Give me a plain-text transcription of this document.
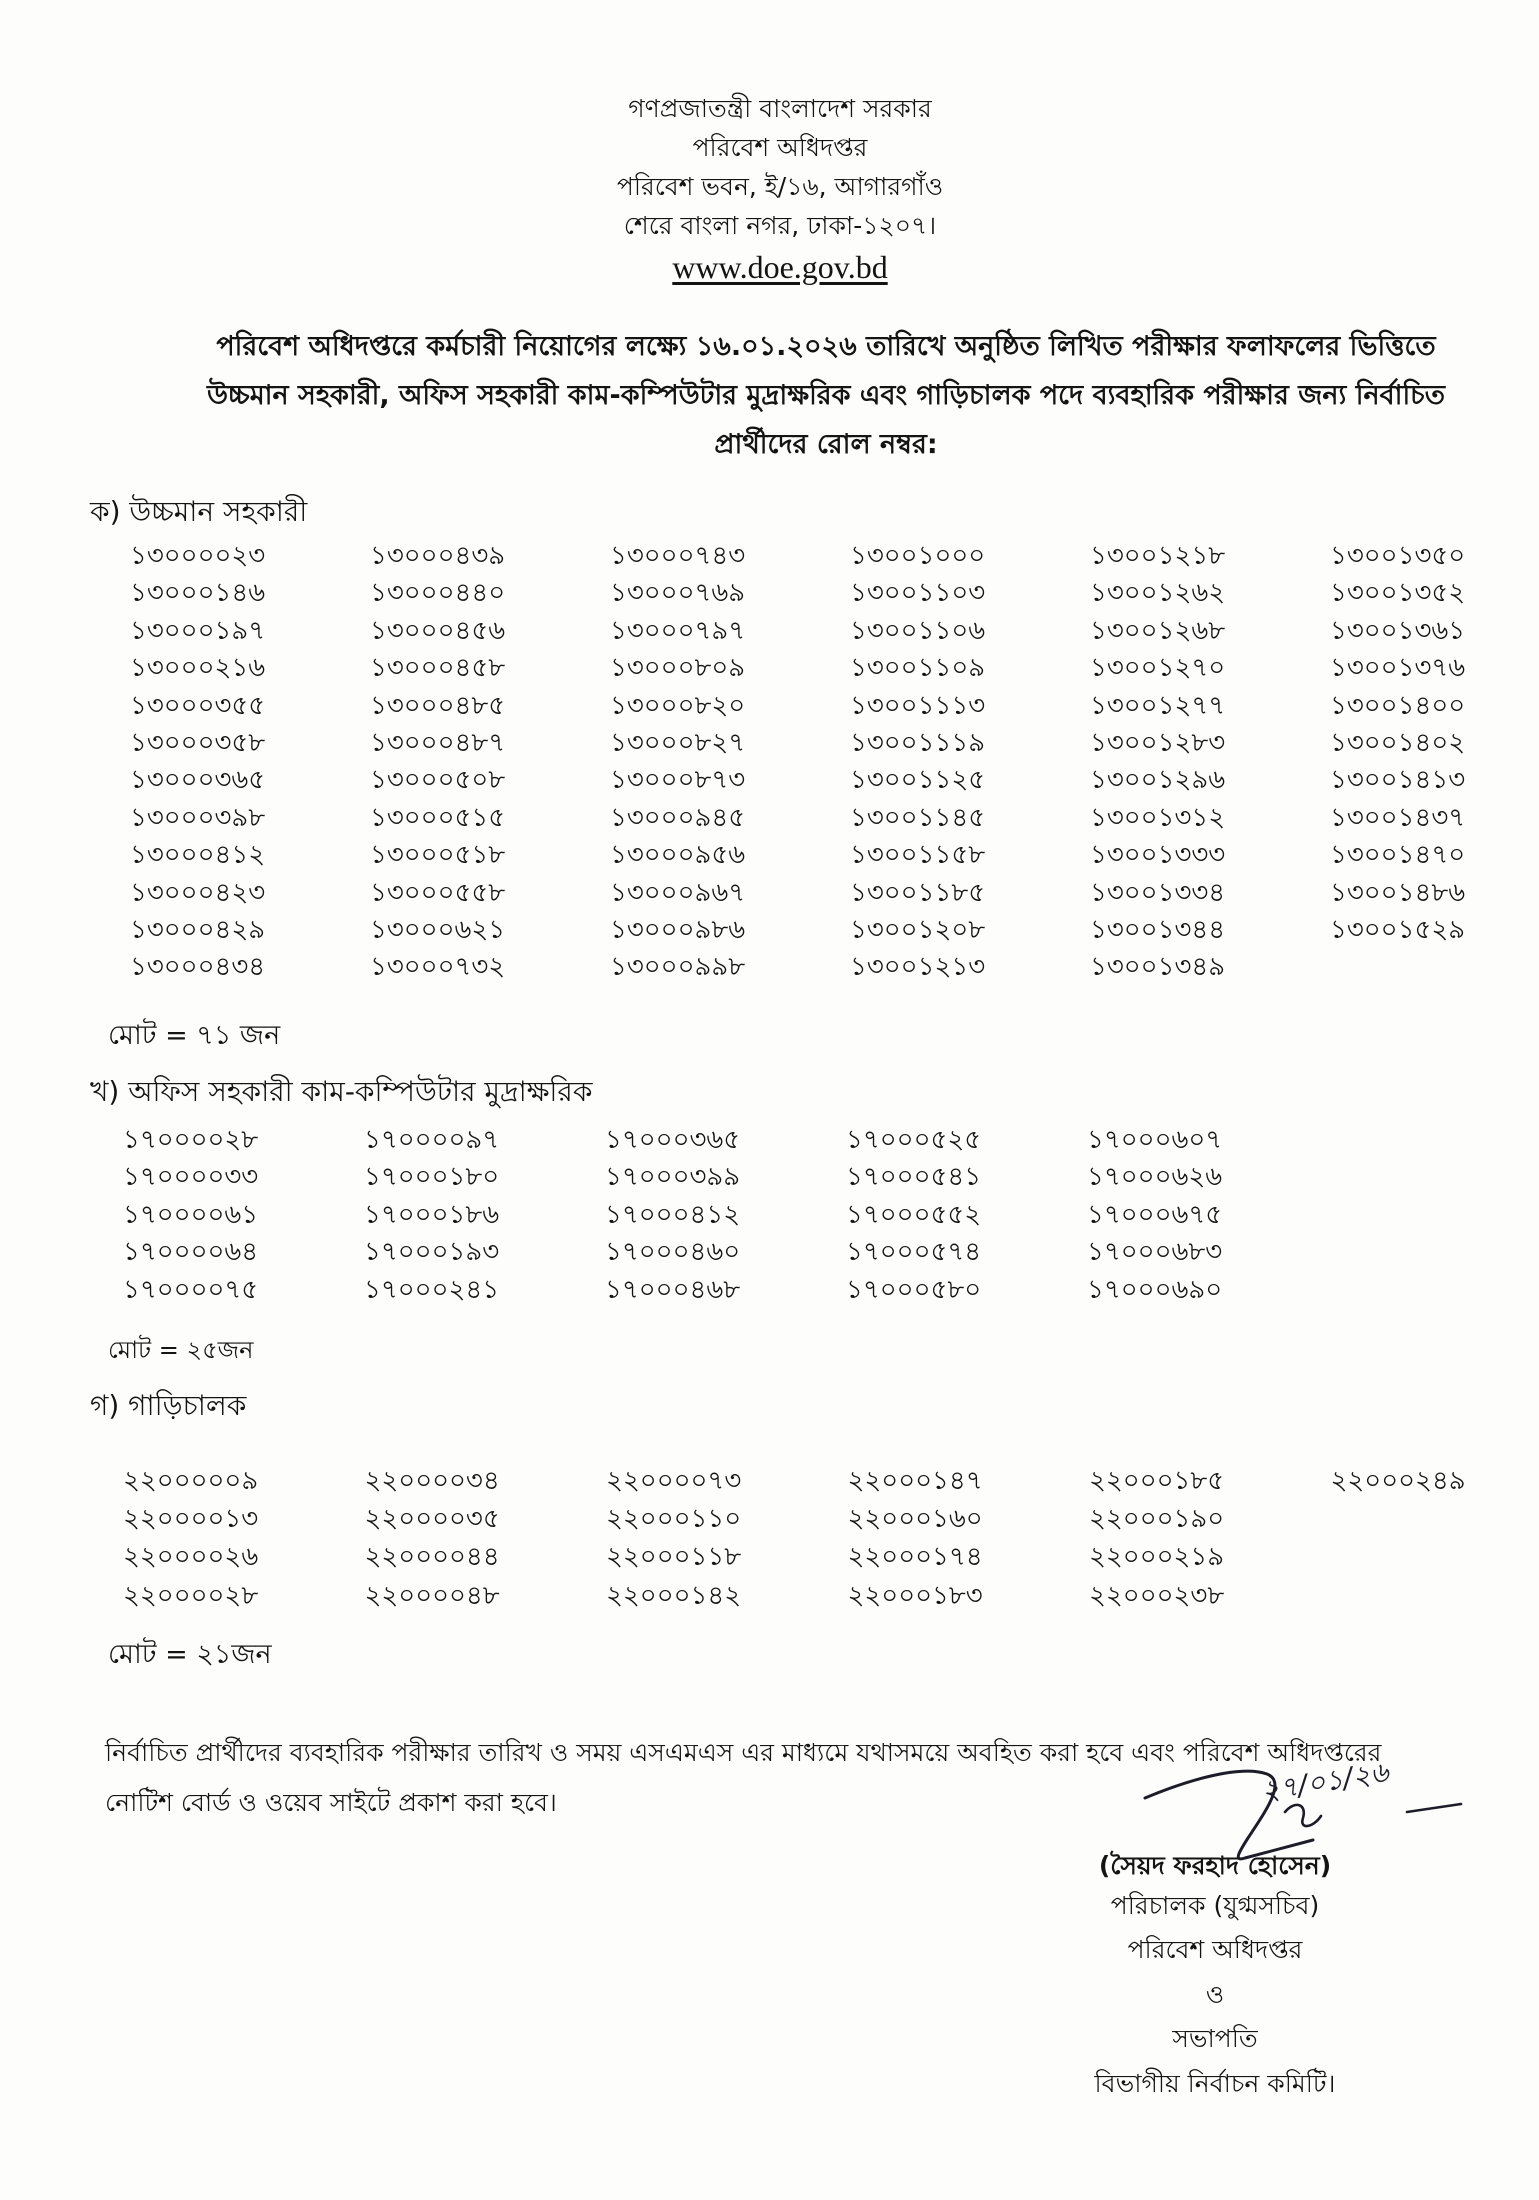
গণপ্রজাতন্ত্রী বাংলাদেশ সরকার
পরিবেশ অধিদপ্তর
পরিবেশ ভবন, ই/১৬, আগারগাঁও
শেরে বাংলা নগর, ঢাকা-১২০৭।
www.doe.gov.bd
পরিবেশ অধিদপ্তরে কর্মচারী নিয়োগের লক্ষ্যে ১৬.০১.২০২৬ তারিখে অনুষ্ঠিত লিখিত পরীক্ষার ফলাফলের ভিত্তিতে
উচ্চমান সহকারী, অফিস সহকারী কাম-কম্পিউটার মুদ্রাক্ষরিক এবং গাড়িচালক পদে ব্যবহারিক পরীক্ষার জন্য নির্বাচিত
প্রার্থীদের রোল নম্বর:
ক) উচ্চমান সহকারী
১৩০০০০২৩
১৩০০০১৪৬
১৩০০০১৯৭
১৩০০০২১৬
১৩০০০৩৫৫
১৩০০০৩৫৮
১৩০০০৩৬৫
১৩০০০৩৯৮
১৩০০০৪১২
১৩০০০৪২৩
১৩০০০৪২৯
১৩০০০৪৩৪
১৩০০০৪৩৯
১৩০০০৪৪০
১৩০০০৪৫৬
১৩০০০৪৫৮
১৩০০০৪৮৫
১৩০০০৪৮৭
১৩০০০৫০৮
১৩০০০৫১৫
১৩০০০৫১৮
১৩০০০৫৫৮
১৩০০০৬২১
১৩০০০৭৩২
১৩০০০৭৪৩
১৩০০০৭৬৯
১৩০০০৭৯৭
১৩০০০৮০৯
১৩০০০৮২০
১৩০০০৮২৭
১৩০০০৮৭৩
১৩০০০৯৪৫
১৩০০০৯৫৬
১৩০০০৯৬৭
১৩০০০৯৮৬
১৩০০০৯৯৮
১৩০০১০০০
১৩০০১১০৩
১৩০০১১০৬
১৩০০১১০৯
১৩০০১১১৩
১৩০০১১১৯
১৩০০১১২৫
১৩০০১১৪৫
১৩০০১১৫৮
১৩০০১১৮৫
১৩০০১২০৮
১৩০০১২১৩
১৩০০১২১৮
১৩০০১২৬২
১৩০০১২৬৮
১৩০০১২৭০
১৩০০১২৭৭
১৩০০১২৮৩
১৩০০১২৯৬
১৩০০১৩১২
১৩০০১৩৩৩
১৩০০১৩৩৪
১৩০০১৩৪৪
১৩০০১৩৪৯
১৩০০১৩৫০
১৩০০১৩৫২
১৩০০১৩৬১
১৩০০১৩৭৬
১৩০০১৪০০
১৩০০১৪০২
১৩০০১৪১৩
১৩০০১৪৩৭
১৩০০১৪৭০
১৩০০১৪৮৬
১৩০০১৫২৯
মোট = ৭১ জন
খ) অফিস সহকারী কাম-কম্পিউটার মুদ্রাক্ষরিক
১৭০০০০২৮
১৭০০০০৩৩
১৭০০০০৬১
১৭০০০০৬৪
১৭০০০০৭৫
১৭০০০০৯৭
১৭০০০১৮০
১৭০০০১৮৬
১৭০০০১৯৩
১৭০০০২৪১
১৭০০০৩৬৫
১৭০০০৩৯৯
১৭০০০৪১২
১৭০০০৪৬০
১৭০০০৪৬৮
১৭০০০৫২৫
১৭০০০৫৪১
১৭০০০৫৫২
১৭০০০৫৭৪
১৭০০০৫৮০
১৭০০০৬০৭
১৭০০০৬২৬
১৭০০০৬৭৫
১৭০০০৬৮৩
১৭০০০৬৯০
মোট = ২৫জন
গ) গাড়িচালক
২২০০০০০৯
২২০০০০১৩
২২০০০০২৬
২২০০০০২৮
২২০০০০৩৪
২২০০০০৩৫
২২০০০০৪৪
২২০০০০৪৮
২২০০০০৭৩
২২০০০১১০
২২০০০১১৮
২২০০০১৪২
২২০০০১৪৭
২২০০০১৬০
২২০০০১৭৪
২২০০০১৮৩
২২০০০১৮৫
২২০০০১৯০
২২০০০২১৯
২২০০০২৩৮
২২০০০২৪৯
মোট = ২১জন

নির্বাচিত প্রার্থীদের ব্যবহারিক পরীক্ষার তারিখ ও সময় এসএমএস এর মাধ্যমে যথাসময়ে অবহিত করা হবে এবং পরিবেশ অধিদপ্তরের নোটিশ বোর্ড ও ওয়েব সাইটে প্রকাশ করা হবে।	২৭/০১/২৬
(সৈয়দ ফরহাদ হোসেন)
পরিচালক (যুগ্মসচিব)
পরিবেশ অধিদপ্তর
ও
সভাপতি
বিভাগীয় নির্বাচন কমিটি।
